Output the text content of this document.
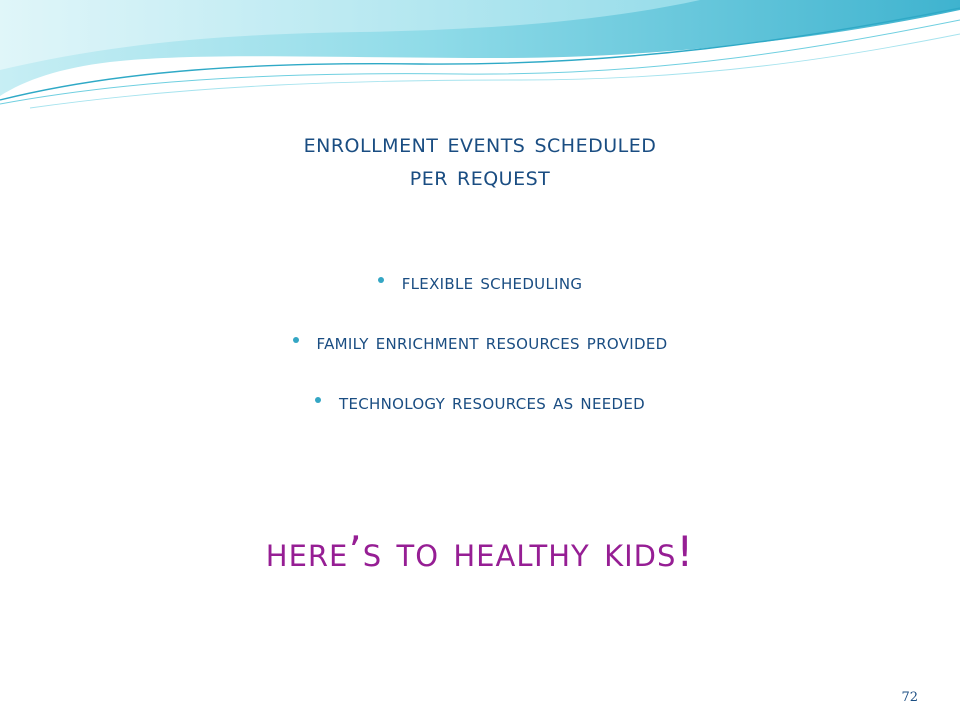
enrollment events scheduled
per request
flexible scheduling
family enrichment resources provided
technology resources as needed
here’s to healthy kids!
72
